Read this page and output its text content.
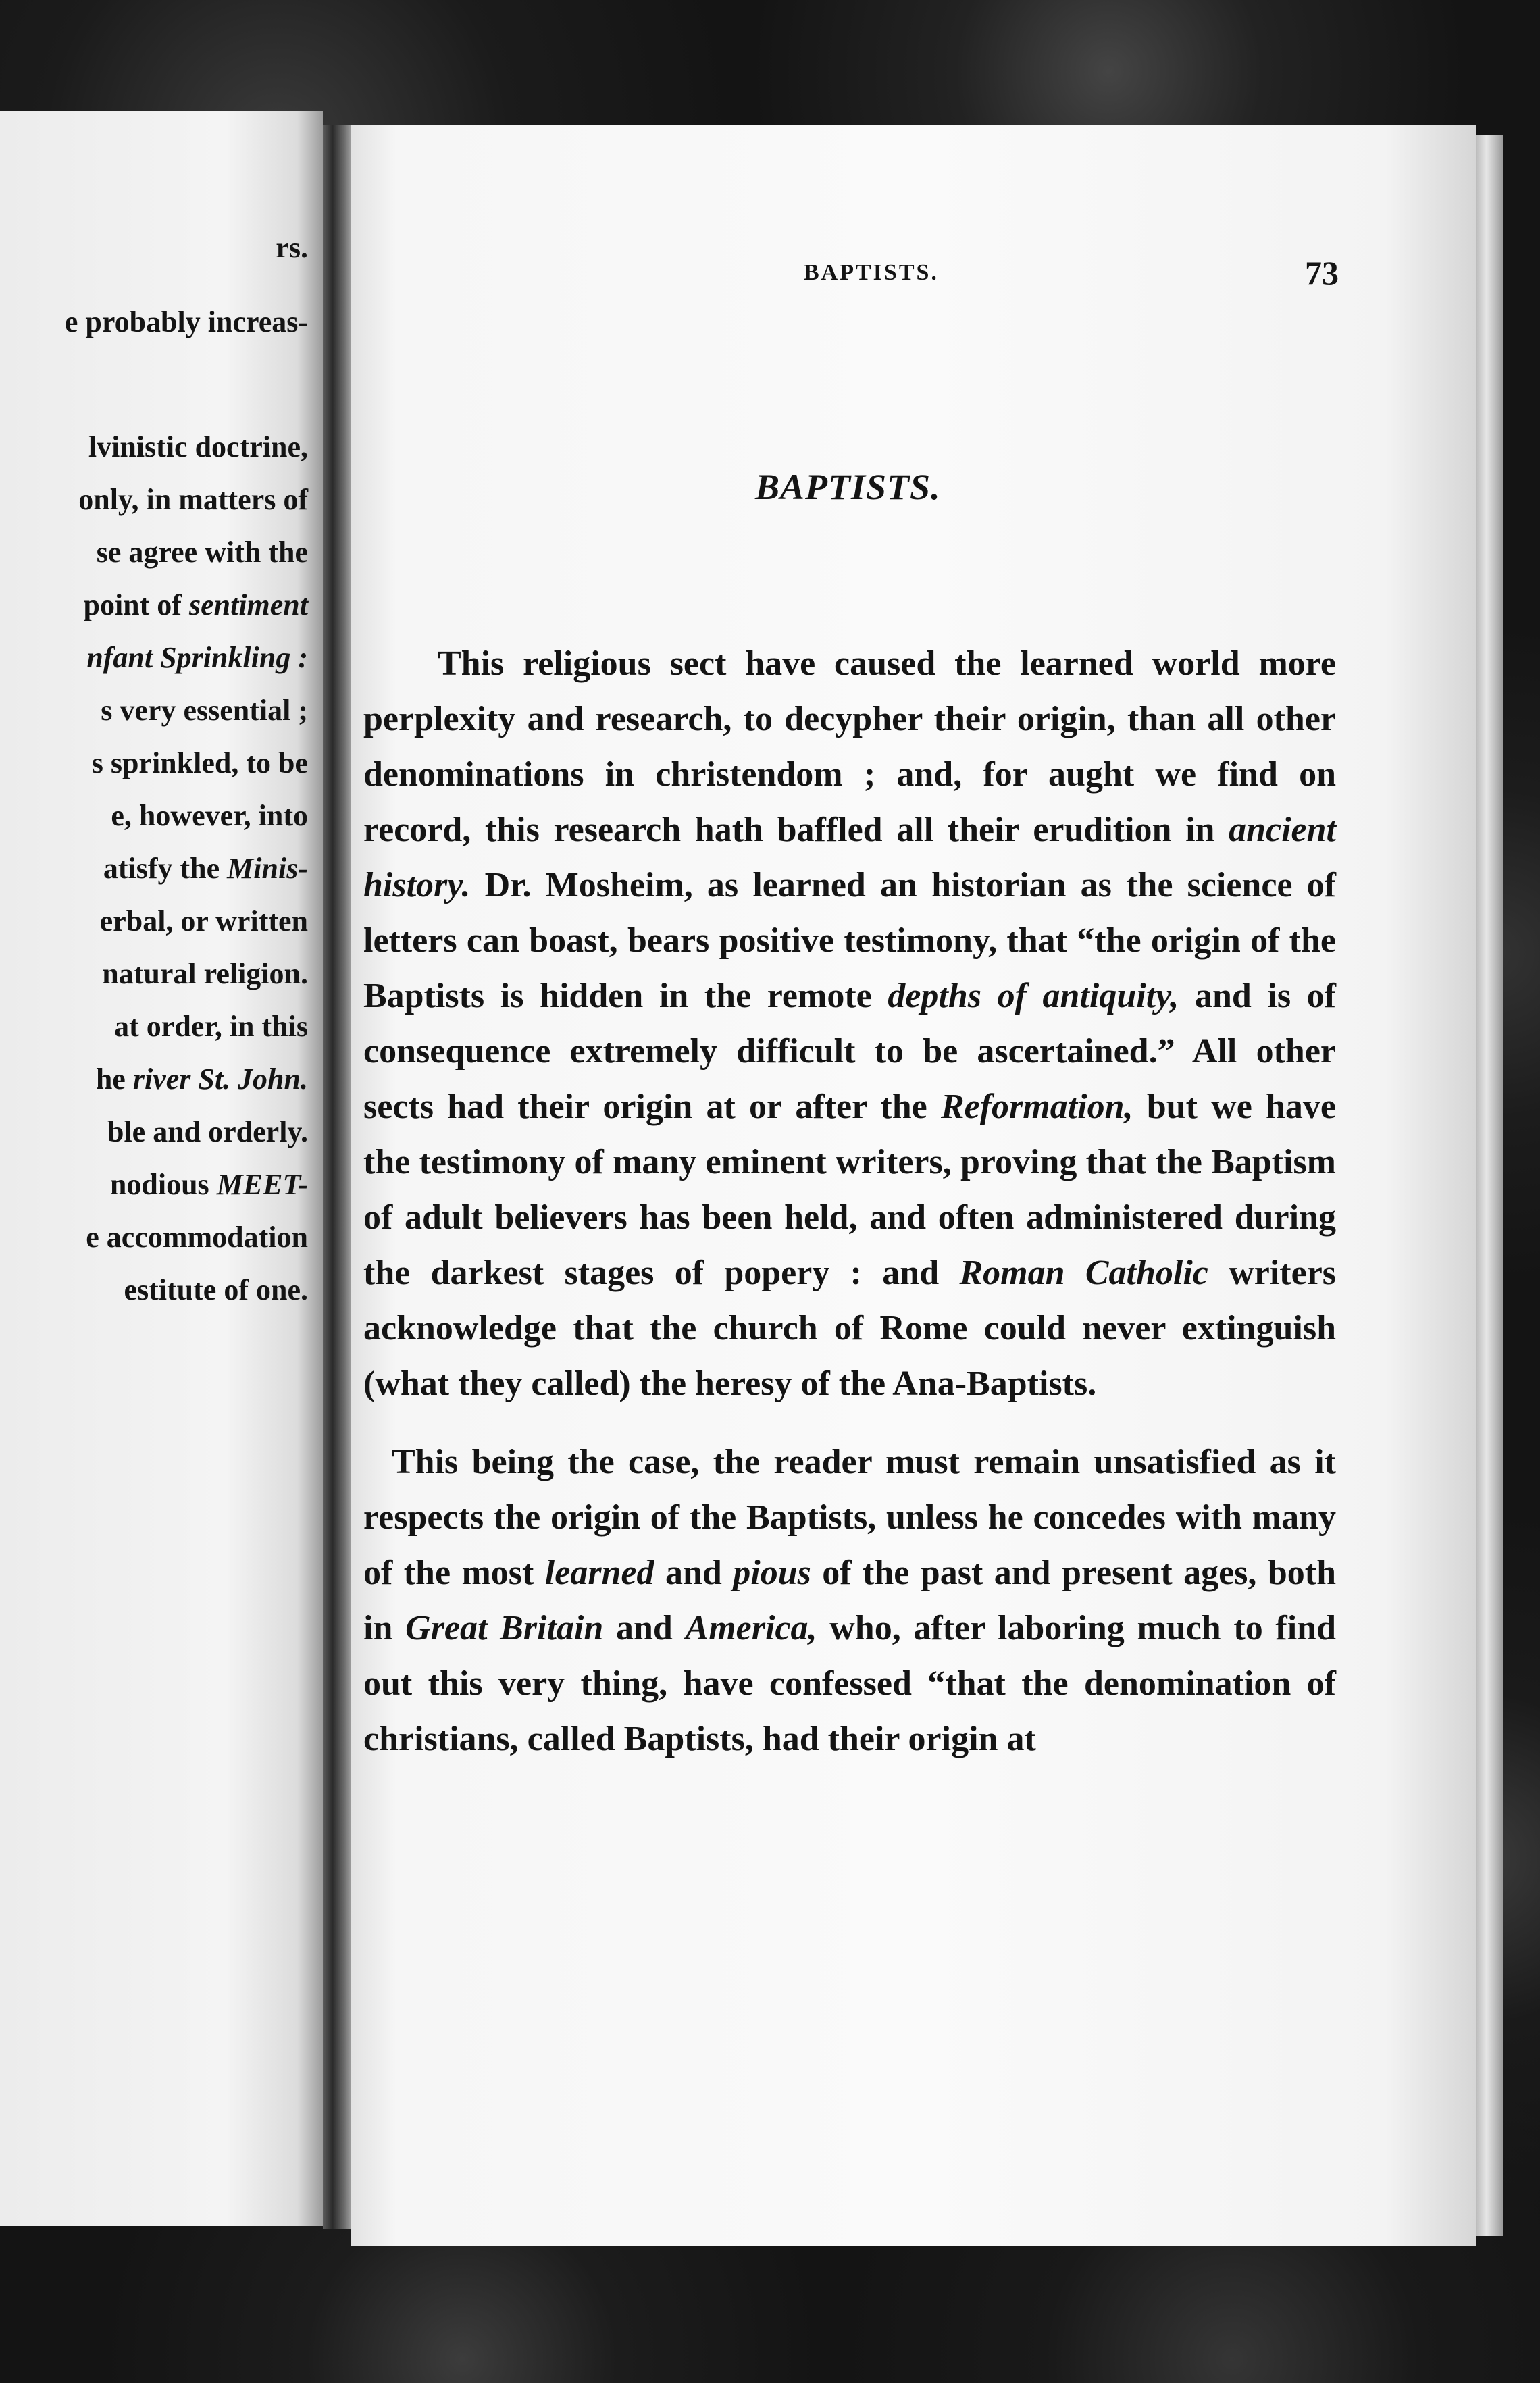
rs.
e probably increas-
lvinistic doctrine,
only, in matters of
se agree with the
point of sentiment
nfant Sprinkling :
s very essential ;
s sprinkled, to be
e, however, into
atisfy the Minis-
erbal, or written
natural religion.
at order, in this
he river St. John.
ble and orderly.
nodious MEET-
e accommodation
estitute of one.
BAPTISTS.	73
BAPTISTS.

This religious sect have caused the learned world more perplexity and research, to decypher their origin, than all other denominations in christendom ; and, for aught we find on record, this research hath baffled all their erudition in ancient history. Dr. Mosheim, as learned an historian as the science of letters can boast, bears positive testimony, that “the origin of the Baptists is hidden in the remote depths of antiquity, and is of consequence extremely difficult to be ascertained.” All other sects had their origin at or after the Reformation, but we have the testimony of many eminent writers, proving that the Baptism of adult believers has been held, and often administered during the darkest stages of popery : and Roman Catholic writers acknowledge that the church of Rome could never extinguish (what they called) the heresy of the Ana-Baptists.

This being the case, the reader must remain unsatisfied as it respects the origin of the Baptists, unless he concedes with many of the most learned and pious of the past and present ages, both in Great Britain and America, who, after laboring much to find out this very thing, have confessed “that the denomination of christians, called Baptists, had their origin at
